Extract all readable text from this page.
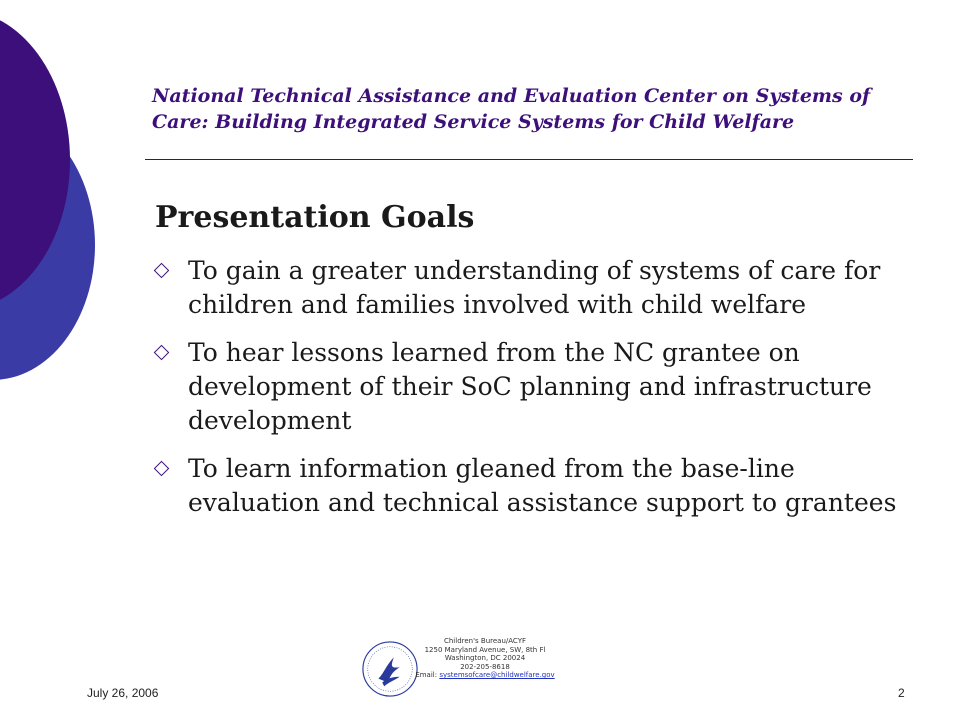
National Technical Assistance and Evaluation Center on Systems of Care: Building Integrated Service Systems for Child Welfare
Presentation Goals
To gain a greater understanding of systems of care for children and families involved with child welfare
To hear lessons learned from the NC grantee on development of their SoC planning and infrastructure development
To learn information gleaned from the base-line evaluation and technical assistance support to grantees
July 26, 2006
Children's Bureau/ACYF
1250 Maryland Avenue, SW, 8th Fl
Washington, DC 20024
202-205-8618
Email: systemsofcare@childwelfare.gov
2
